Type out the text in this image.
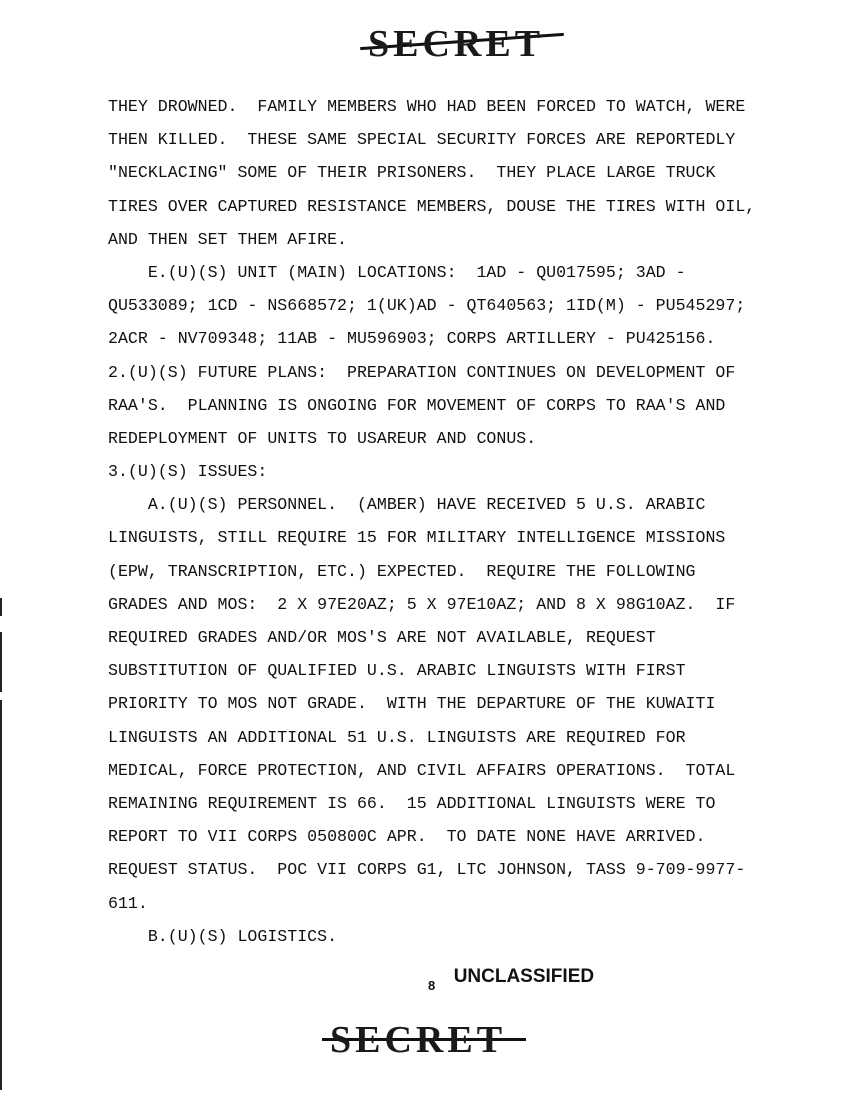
SECRET
THEY DROWNED.  FAMILY MEMBERS WHO HAD BEEN FORCED TO WATCH, WERE
THEN KILLED.  THESE SAME SPECIAL SECURITY FORCES ARE REPORTEDLY
"NECKLACING" SOME OF THEIR PRISONERS.  THEY PLACE LARGE TRUCK
TIRES OVER CAPTURED RESISTANCE MEMBERS, DOUSE THE TIRES WITH OIL,
AND THEN SET THEM AFIRE.
E.(U)(S) UNIT (MAIN) LOCATIONS:  1AD - QU017595; 3AD -
QU533089; 1CD - NS668572; 1(UK)AD - QT640563; 1ID(M) - PU545297;
2ACR - NV709348; 11AB - MU596903; CORPS ARTILLERY - PU425156.
2.(U)(S) FUTURE PLANS:  PREPARATION CONTINUES ON DEVELOPMENT OF
RAA'S.  PLANNING IS ONGOING FOR MOVEMENT OF CORPS TO RAA'S AND
REDEPLOYMENT OF UNITS TO USAREUR AND CONUS.
3.(U)(S) ISSUES:
A.(U)(S) PERSONNEL.  (AMBER) HAVE RECEIVED 5 U.S. ARABIC
LINGUISTS, STILL REQUIRE 15 FOR MILITARY INTELLIGENCE MISSIONS
(EPW, TRANSCRIPTION, ETC.) EXPECTED.  REQUIRE THE FOLLOWING
GRADES AND MOS:  2 X 97E20AZ; 5 X 97E10AZ; AND 8 X 98G10AZ.  IF
REQUIRED GRADES AND/OR MOS'S ARE NOT AVAILABLE, REQUEST
SUBSTITUTION OF QUALIFIED U.S. ARABIC LINGUISTS WITH FIRST
PRIORITY TO MOS NOT GRADE.  WITH THE DEPARTURE OF THE KUWAITI
LINGUISTS AN ADDITIONAL 51 U.S. LINGUISTS ARE REQUIRED FOR
MEDICAL, FORCE PROTECTION, AND CIVIL AFFAIRS OPERATIONS.  TOTAL
REMAINING REQUIREMENT IS 66.  15 ADDITIONAL LINGUISTS WERE TO
REPORT TO VII CORPS 050800C APR.  TO DATE NONE HAVE ARRIVED.
REQUEST STATUS.  POC VII CORPS G1, LTC JOHNSON, TASS 9-709-9977-
611.
B.(U)(S) LOGISTICS.
$_8$ UNCLASSIFIED
SECRET
